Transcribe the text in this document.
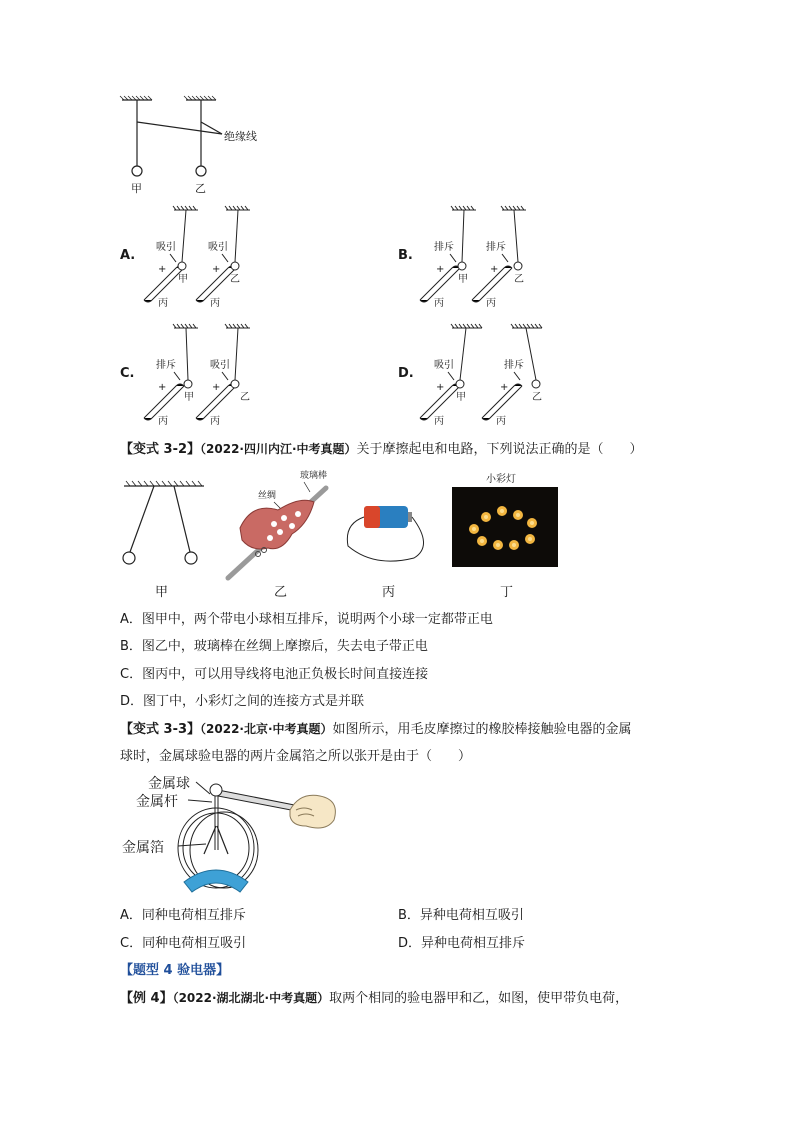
绝缘线
甲	乙
A.
吸引	吸引
+	+
甲	乙
丙	丙
B.
排斥	排斥
+	+
甲	乙
丙	丙
C.
排斥	吸引
+	+
甲	乙
丙	丙
D.
吸引	排斥
+	+
甲	乙
丙	丙
【变式 3-2】（2022·四川内江·中考真题）关于摩擦起电和电路，下列说法正确的是（　　）
玻璃棒
丝绸
小彩灯
甲	乙	丙	丁
A．图甲中，两个带电小球相互排斥，说明两个小球一定都带正电
B．图乙中，玻璃棒在丝绸上摩擦后，失去电子带正电
C．图丙中，可以用导线将电池正负极长时间直接连接
D．图丁中，小彩灯之间的连接方式是并联
【变式 3-3】（2022·北京·中考真题）如图所示，用毛皮摩擦过的橡胶棒接触验电器的金属
球时，金属球验电器的两片金属箔之所以张开是由于（　　）
金属球
金属杆
金属箔
A．同种电荷相互排斥	B．异种电荷相互吸引
C．同种电荷相互吸引	D．异种电荷相互排斥
【题型 4 验电器】
【例 4】（2022·湖北湖北·中考真题）取两个相同的验电器甲和乙，如图，使甲带负电荷，
